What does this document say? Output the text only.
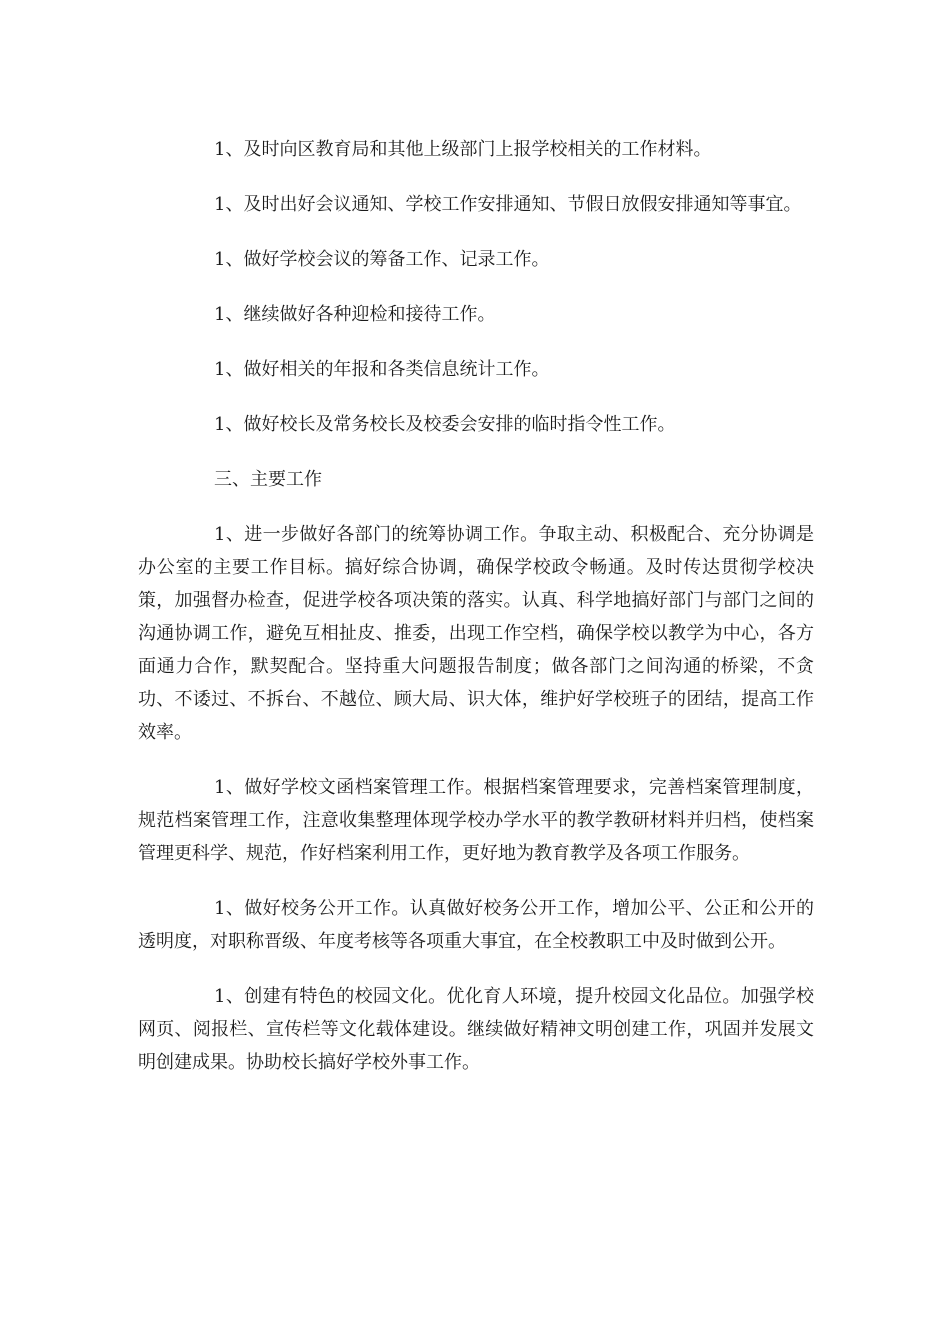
1、及时向区教育局和其他上级部门上报学校相关的工作材料。

1、及时出好会议通知、学校工作安排通知、节假日放假安排通知等事宜。

1、做好学校会议的筹备工作、记录工作。

1、继续做好各种迎检和接待工作。

1、做好相关的年报和各类信息统计工作。

1、做好校长及常务校长及校委会安排的临时指令性工作。

三、主要工作

1、进一步做好各部门的统筹协调工作。争取主动、积极配合、充分协调是办公室的主要工作目标。搞好综合协调，确保学校政令畅通。及时传达贯彻学校决策，加强督办检查，促进学校各项决策的落实。认真、科学地搞好部门与部门之间的沟通协调工作，避免互相扯皮、推委，出现工作空档，确保学校以教学为中心，各方面通力合作，默契配合。坚持重大问题报告制度；做各部门之间沟通的桥梁，不贪功、不诿过、不拆台、不越位、顾大局、识大体，维护好学校班子的团结，提高工作效率。

1、做好学校文函档案管理工作。根据档案管理要求，完善档案管理制度，规范档案管理工作，注意收集整理体现学校办学水平的教学教研材料并归档，使档案管理更科学、规范，作好档案利用工作，更好地为教育教学及各项工作服务。

1、做好校务公开工作。认真做好校务公开工作，增加公平、公正和公开的透明度，对职称晋级、年度考核等各项重大事宜，在全校教职工中及时做到公开。

1、创建有特色的校园文化。优化育人环境，提升校园文化品位。加强学校网页、阅报栏、宣传栏等文化载体建设。继续做好精神文明创建工作，巩固并发展文明创建成果。协助校长搞好学校外事工作。
